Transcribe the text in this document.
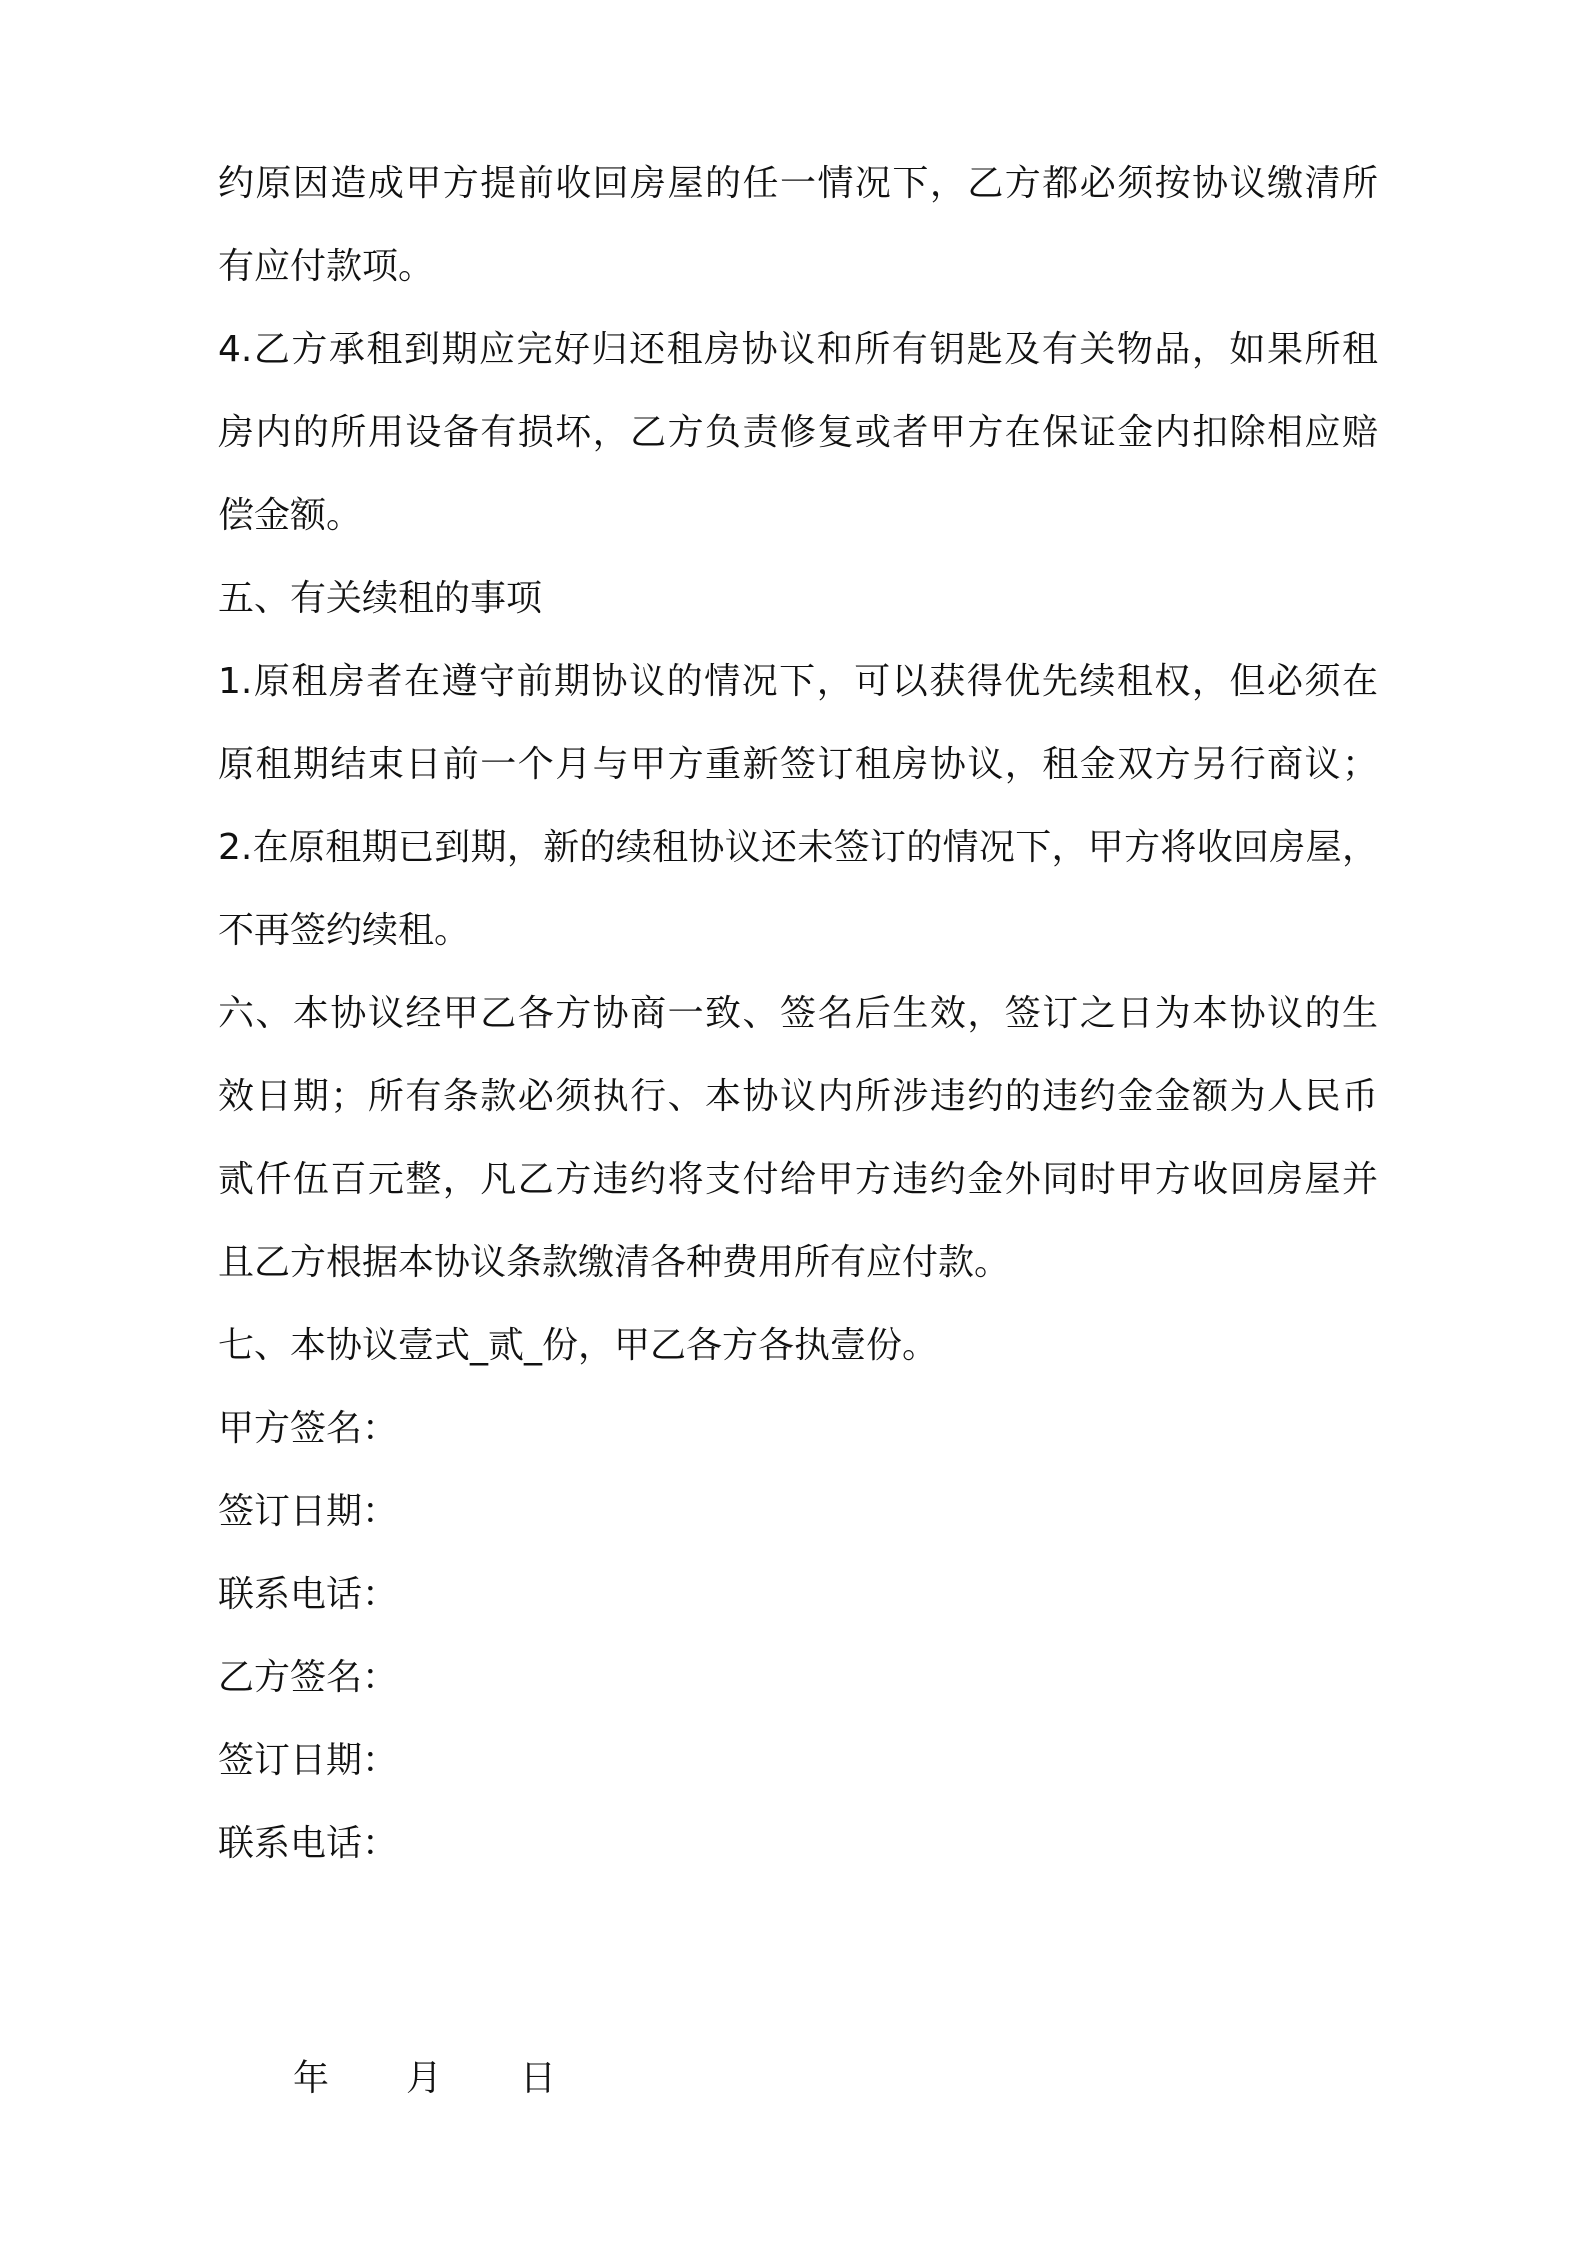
约原因造成甲方提前收回房屋的任一情况下，乙方都必须按协议缴清所
有应付款项。
4.乙方承租到期应完好归还租房协议和所有钥匙及有关物品，如果所租
房内的所用设备有损坏，乙方负责修复或者甲方在保证金内扣除相应赔
偿金额。
五、有关续租的事项
1.原租房者在遵守前期协议的情况下，可以获得优先续租权，但必须在
原租期结束日前一个月与甲方重新签订租房协议，租金双方另行商议；
2.在原租期已到期，新的续租协议还未签订的情况下，甲方将收回房屋，
不再签约续租。
六、本协议经甲乙各方协商一致、签名后生效，签订之日为本协议的生
效日期；所有条款必须执行、本协议内所涉违约的违约金金额为人民币
贰仟伍百元整，凡乙方违约将支付给甲方违约金外同时甲方收回房屋并
且乙方根据本协议条款缴清各种费用所有应付款。
七、本协议壹式_贰_份，甲乙各方各执壹份。
甲方签名：
签订日期：
联系电话：
乙方签名：
签订日期：
联系电话：
年 月 日
